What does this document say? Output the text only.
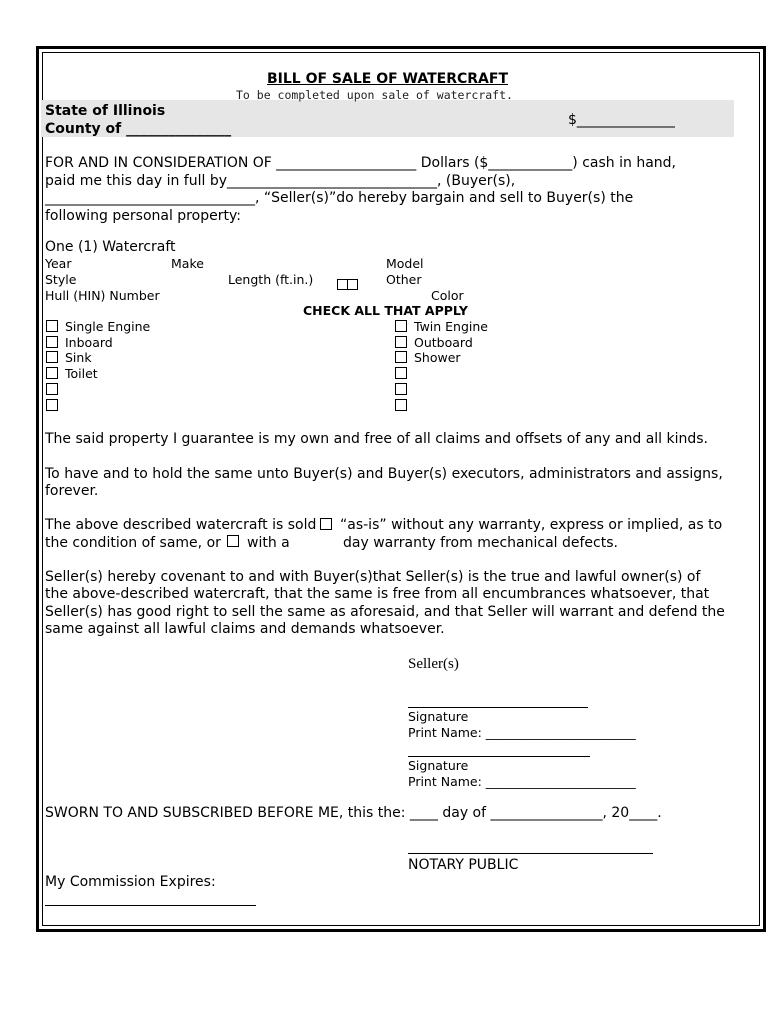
BILL OF SALE OF WATERCRAFT
To be completed upon sale of watercraft.
State of Illinois
County of _______________
$______________
FOR AND IN CONSIDERATION OF ____________________ Dollars ($____________) cash in hand,
paid me this day in full by______________________________, (Buyer(s),
______________________________, “Seller(s)”do hereby bargain and sell to Buyer(s) the
following personal property:
One (1) Watercraft
Year	Make	Model
Style	Length (ft.in.)	Other
Hull (HIN) Number	Color
CHECK ALL THAT APPLY
Single Engine
Inboard
Sink
Toilet
Twin Engine
Outboard
Shower
The said property I guarantee is my own and free of all claims and offsets of any and all kinds.
To have and to hold the same unto Buyer(s) and Buyer(s) executors, administrators and assigns,
forever.
The above described watercraft is sold “as-is” without any warranty, express or implied, as to
the condition of same, or with a	day warranty from mechanical defects.
Seller(s) hereby covenant to and with Buyer(s)that Seller(s) is the true and lawful owner(s) of
the above-described watercraft, that the same is free from all encumbrances whatsoever, that
Seller(s) has good right to sell the same as aforesaid, and that Seller will warrant and defend the
same against all lawful claims and demands whatsoever.
Seller(s)
Signature
Print Name: ________________________
Signature
Print Name: ________________________
SWORN TO AND SUBSCRIBED BEFORE ME, this the: ____ day of ________________, 20____.
NOTARY PUBLIC
My Commission Expires:
